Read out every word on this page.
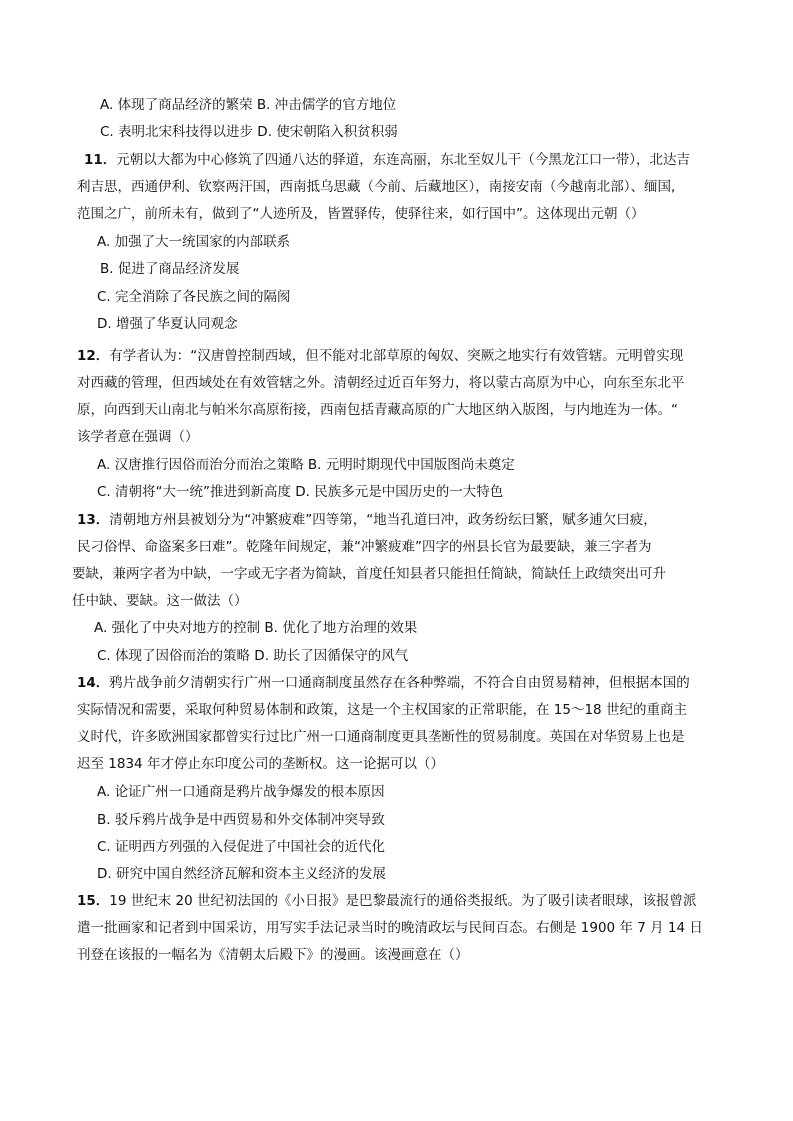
A. 体现了商品经济的繁荣 B. 冲击儒学的官方地位
C. 表明北宋科技得以进步 D. 使宋朝陷入积贫积弱
11．元朝以大都为中心修筑了四通八达的驿道，东连高丽，东北至奴儿干（今黑龙江口一带），北达吉
利吉思，西通伊利、钦察两汗国，西南抵乌思藏（今前、后藏地区），南接安南（今越南北部）、缅国,
范围之广，前所未有，做到了“人迹所及，皆置驿传，使驿往来，如行国中”。这体现出元朝（）
A. 加强了大一统国家的内部联系
B. 促进了商品经济发展
C. 完全消除了各民族之间的隔阂
D. 增强了华夏认同观念
12．有学者认为：“汉唐曾控制西域，但不能对北部草原的匈奴、突厥之地实行有效管辖。元明曾实现
对西藏的管理，但西域处在有效管辖之外。清朝经过近百年努力，将以蒙古高原为中心，向东至东北平
原，向西到天山南北与帕米尔高原衔接，西南包括青藏高原的广大地区纳入版图，与内地连为一体。“
该学者意在强调（）
A. 汉唐推行因俗而治分而治之策略 B. 元明时期现代中国版图尚未奠定
C. 清朝将“大一统”推进到新高度 D. 民族多元是中国历史的一大特色
13．清朝地方州县被划分为“冲繁疲难”四等第，“地当孔道曰冲，政务纷纭曰繁，赋多逋欠曰疲，
民刁俗悍、命盗案多曰难”。乾隆年间规定，兼“冲繁疲难”四字的州县长官为最要缺，兼三字者为
要缺，兼两字者为中缺，一字或无字者为简缺，首度任知县者只能担任简缺，简缺任上政绩突出可升
任中缺、要缺。这一做法（）
A. 强化了中央对地方的控制 B. 优化了地方治理的效果
C. 体现了因俗而治的策略 D. 助长了因循保守的风气
14．鸦片战争前夕清朝实行广州一口通商制度虽然存在各种弊端，不符合自由贸易精神，但根据本国的
实际情况和需要，采取何种贸易体制和政策，这是一个主权国家的正常职能，在 15～18 世纪的重商主
义时代，许多欧洲国家都曾实行过比广州一口通商制度更具垄断性的贸易制度。英国在对华贸易上也是
迟至 1834 年才停止东印度公司的垄断权。这一论据可以（）
A. 论证广州一口通商是鸦片战争爆发的根本原因
B. 驳斥鸦片战争是中西贸易和外交体制冲突导致
C. 证明西方列强的入侵促进了中国社会的近代化
D. 研究中国自然经济瓦解和资本主义经济的发展
15．19 世纪末 20 世纪初法国的《小日报》是巴黎最流行的通俗类报纸。为了吸引读者眼球，该报曾派
遣一批画家和记者到中国采访，用写实手法记录当时的晚清政坛与民间百态。右侧是 1900 年 7 月 14 日
刊登在该报的一幅名为《清朝太后殿下》的漫画。该漫画意在（）
